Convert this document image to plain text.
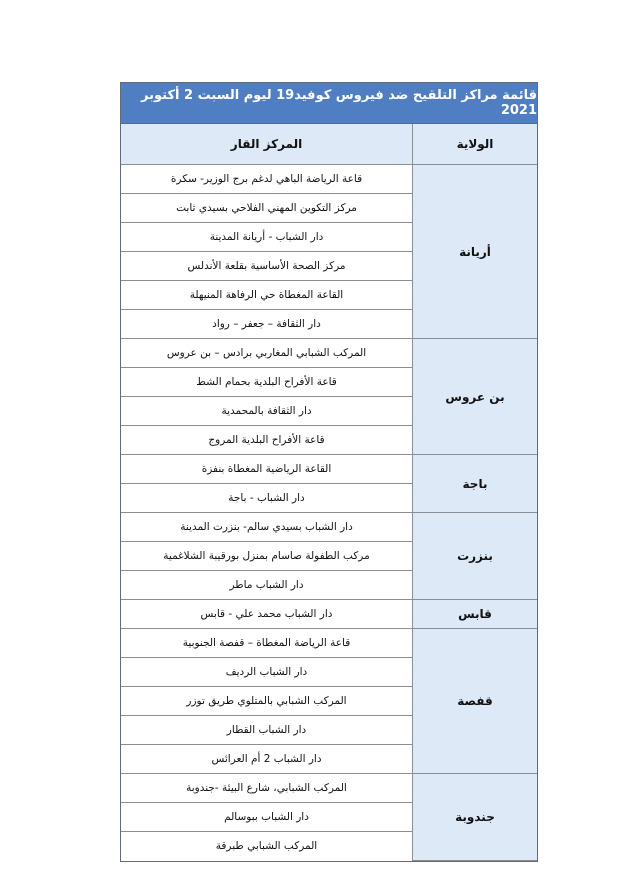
قائمة مراكز التلقيح ضد فيروس كوفيد19 ليوم السبت 2 أكتوبر 2021
الولاية	المركز القار
أريانة	قاعة الرياضة الباهي لدغم برج الوزير- سكرة
	مركز التكوين المهني الفلاحي بسيدي ثابت
	دار الشباب - أريانة المدينة
	مركز الصحة الأساسية بقلعة الأندلس
	القاعة المغطاة حي الرفاهة المنيهلة
	دار الثقافة – جعفر – رواد
بن عروس	المركب الشبابي المغاربي برادس – بن عروس
	قاعة الأفراح البلدية بحمام الشط
	دار الثقافة بالمحمدية
	قاعة الأفراح البلدية المروج
باجة	القاعة الرياضية المغطاة بنفزة
	دار الشباب - باجة
بنزرت	دار الشباب بسيدي سالم- بنزرت المدينة
	مركب الطفولة صاسام بمنزل بورقيبة الشلاغمية
	دار الشباب ماطر
قابس	دار الشباب محمد علي - قابس
قفصة	قاعة الرياضة المغطاة – قفصة الجنوبية
	دار الشباب الرديف
	المركب الشبابي بالمتلوي طريق توزر
	دار الشباب القطار
	دار الشباب 2 أم العرائس
جندوبة	المركب الشبابي، شارع البيئة -جندوبة
	دار الشباب ببوسالم
	المركب الشبابي طبرقة
